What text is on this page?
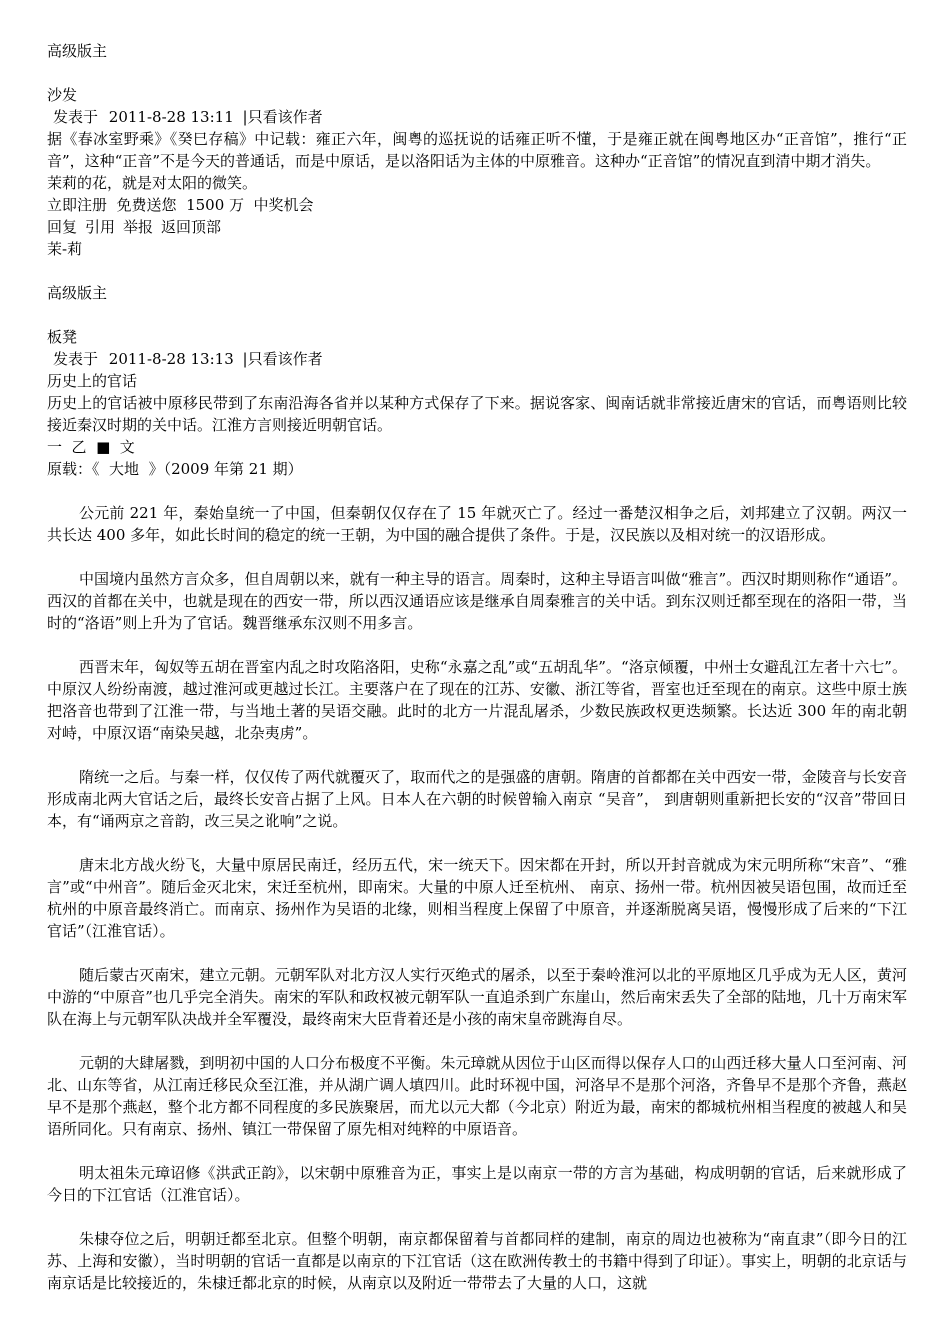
高级版主
沙发
发表于 2011-8-28 13:11 |只看该作者

据《春冰室野乘》《癸巳存稿》中记载：雍正六年，闽粤的巡抚说的话雍正听不懂，于是雍正就在闽粤地区办“正音馆”，推行“正音”，这种“正音”不是今天的普通话，而是中原话，是以洛阳话为主体的中原雅音。这种办“正音馆”的情况直到清中期才消失。

茉莉的花，就是对太阳的微笑。
立即注册  免费送您  1500 万  中奖机会
回复 引用 举报 返回顶部
茉-莉
高级版主
板凳
发表于 2011-8-28 13:13 |只看该作者
历史上的官话

历史上的官话被中原移民带到了东南沿海各省并以某种方式保存了下来。据说客家、闽南话就非常接近唐宋的官话，而粤语则比较接近秦汉时期的关中话。江淮方言则接近明朝官话。

一  乙  ■  文
原载：《  大地  》（2009 年第 21 期）

公元前 221 年，秦始皇统一了中国，但秦朝仅仅存在了 15 年就灭亡了。经过一番楚汉相争之后，刘邦建立了汉朝。两汉一共长达 400 多年，如此长时间的稳定的统一王朝，为中国的融合提供了条件。于是，汉民族以及相对统一的汉语形成。

中国境内虽然方言众多，但自周朝以来，就有一种主导的语言。周秦时，这种主导语言叫做“雅言”。西汉时期则称作“通语”。西汉的首都在关中，也就是现在的西安一带，所以西汉通语应该是继承自周秦雅言的关中话。到东汉则迁都至现在的洛阳一带，当时的“洛语”则上升为了官话。魏晋继承东汉则不用多言。

西晋末年，匈奴等五胡在晋室内乱之时攻陷洛阳，史称“永嘉之乱”或“五胡乱华”。“洛京倾覆，中州士女避乱江左者十六七”。中原汉人纷纷南渡，越过淮河或更越过长江。主要落户在了现在的江苏、安徽、浙江等省，晋室也迁至现在的南京。这些中原士族把洛音也带到了江淮一带，与当地土著的吴语交融。此时的北方一片混乱屠杀，少数民族政权更迭频繁。长达近 300 年的南北朝对峙，中原汉语“南染吴越，北杂夷虏”。

隋统一之后。与秦一样，仅仅传了两代就覆灭了，取而代之的是强盛的唐朝。隋唐的首都都在关中西安一带，金陵音与长安音形成南北两大官话之后，最终长安音占据了上风。日本人在六朝的时候曾输入南京 “吴音”， 到唐朝则重新把长安的“汉音”带回日本，有“诵两京之音韵，改三吴之讹响”之说。

唐末北方战火纷飞，大量中原居民南迁，经历五代，宋一统天下。因宋都在开封，所以开封音就成为宋元明所称“宋音”、“雅言”或“中州音”。随后金灭北宋，宋迁至杭州，即南宋。大量的中原人迁至杭州、 南京、扬州一带。杭州因被吴语包围，故而迁至杭州的中原音最终消亡。而南京、扬州作为吴语的北缘，则相当程度上保留了中原音，并逐渐脱离吴语，慢慢形成了后来的“下江官话”（江淮官话）。

随后蒙古灭南宋，建立元朝。元朝军队对北方汉人实行灭绝式的屠杀，以至于秦岭淮河以北的平原地区几乎成为无人区，黄河中游的“中原音”也几乎完全消失。南宋的军队和政权被元朝军队一直追杀到广东崖山，然后南宋丢失了全部的陆地，几十万南宋军队在海上与元朝军队决战并全军覆没，最终南宋大臣背着还是小孩的南宋皇帝跳海自尽。

元朝的大肆屠戮，到明初中国的人口分布极度不平衡。朱元璋就从因位于山区而得以保存人口的山西迁移大量人口至河南、河北、山东等省，从江南迁移民众至江淮，并从湖广调人填四川。此时环视中国，河洛早不是那个河洛，齐鲁早不是那个齐鲁，燕赵早不是那个燕赵，整个北方都不同程度的多民族聚居，而尤以元大都（今北京）附近为最，南宋的都城杭州相当程度的被越人和吴语所同化。只有南京、扬州、镇江一带保留了原先相对纯粹的中原语音。

明太祖朱元璋诏修《洪武正韵》，以宋朝中原雅音为正，事实上是以南京一带的方言为基础，构成明朝的官话，后来就形成了今日的下江官话（江淮官话）。

朱棣夺位之后，明朝迁都至北京。但整个明朝，南京都保留着与首都同样的建制，南京的周边也被称为“南直隶”（即今日的江苏、上海和安徽），当时明朝的官话一直都是以南京的下江官话（这在欧洲传教士的书籍中得到了印证）。事实上，明朝的北京话与南京话是比较接近的，朱棣迁都北京的时候，从南京以及附近一带带去了大量的人口，这就
